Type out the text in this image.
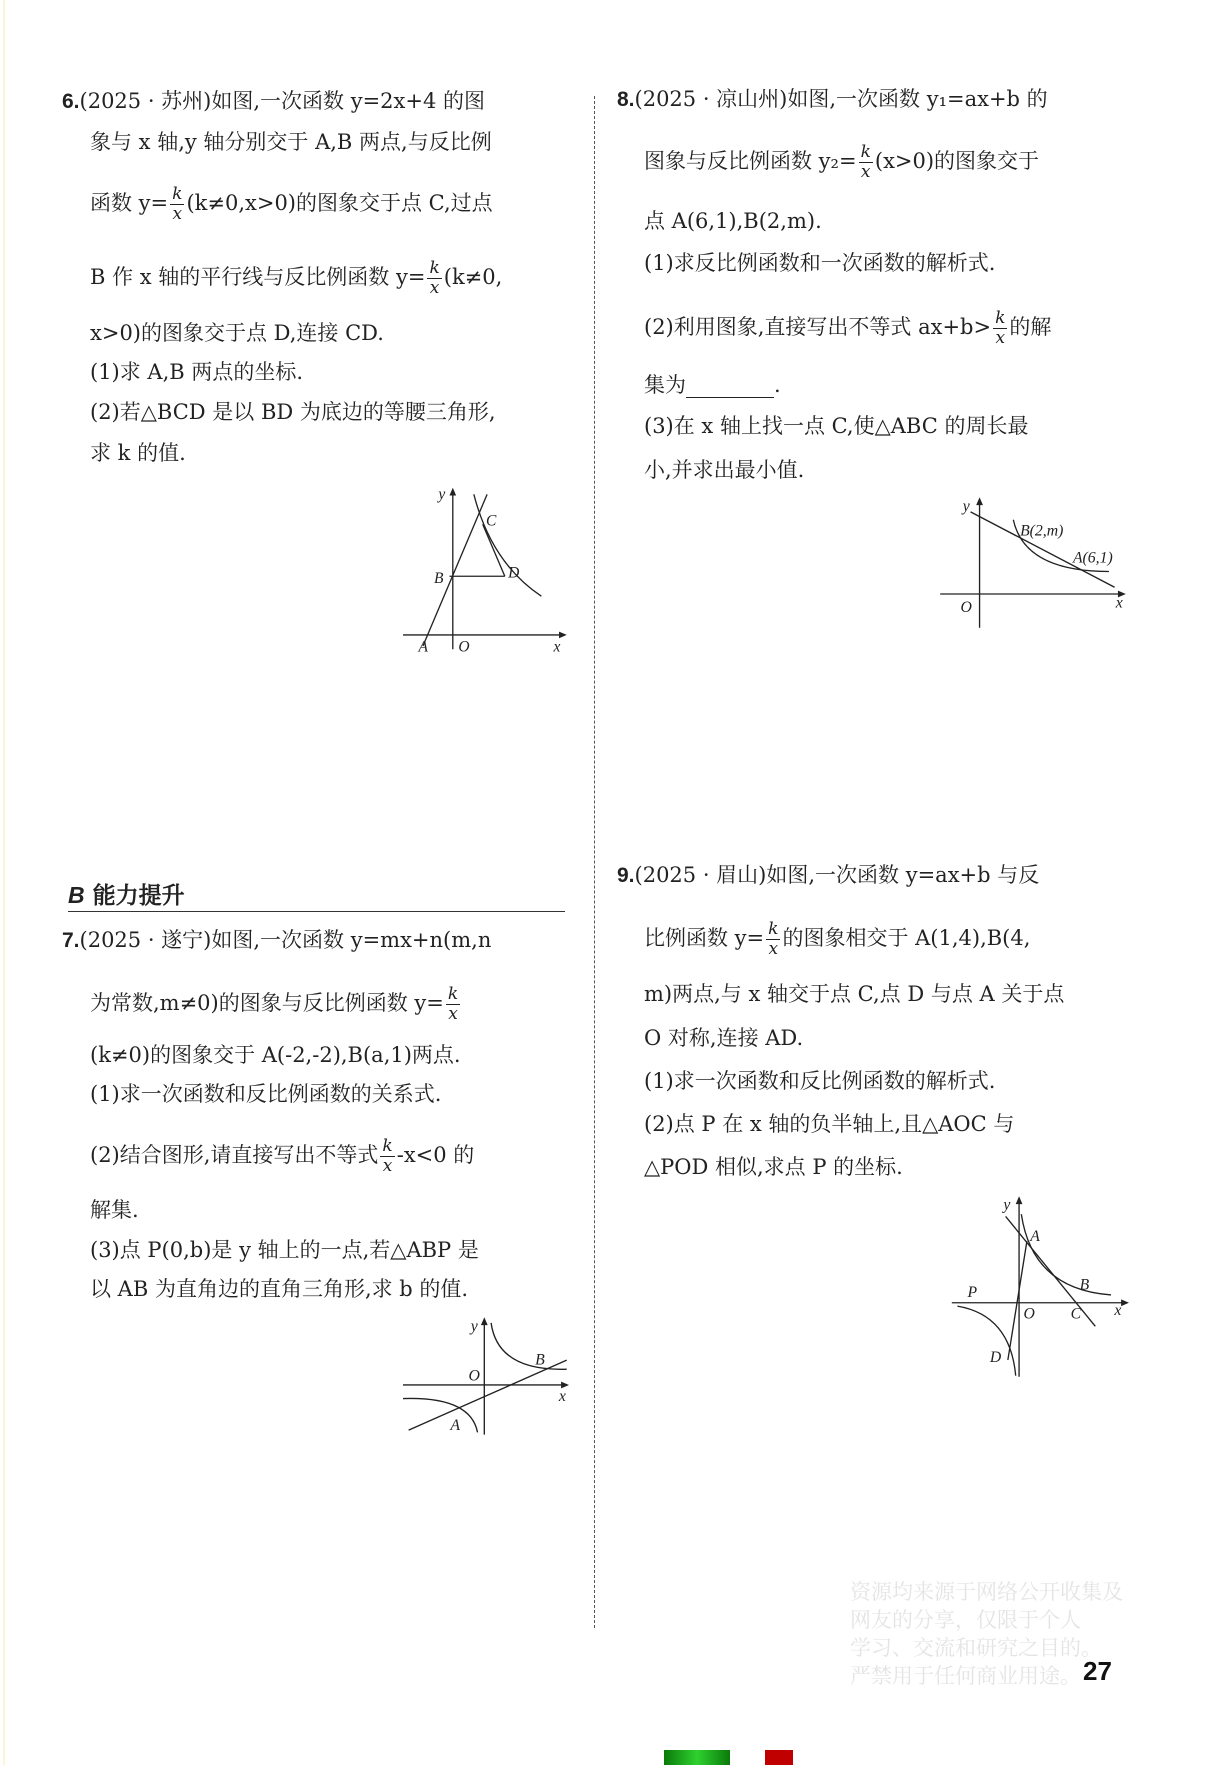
B 能力提升
6.(2025 · 苏州)如图,一次函数 y=2x+4 的图
象与 x 轴,y 轴分别交于 A,B 两点,与反比例
函数 $y= \frac{k}{x} (k\ne 0,x>0)$的图象交于点 C,过点
B 作 x 轴的平行线与反比例函数 $y= \frac{k}{x} (k\ne 0$,
x>0)的图象交于点 D,连接 CD.
(1)求 A,B 两点的坐标.
(2)若△BCD 是以 BD 为底边的等腰三角形,
求 k 的值.
7.(2025 · 遂宁)如图,一次函数 y=mx+n(m,n
为常数,m≠0)的图象与反比例函数 $y= \frac{k}{x}$
(k≠0)的图象交于 A(-2,-2),B(a,1)两点.
(1)求一次函数和反比例函数的关系式.
(2)结合图形,请直接写出不等式 $\frac{k}{x} -x<0$ 的
解集.
(3)点 P(0,b)是 y 轴上的一点,若△ABP 是
以 AB 为直角边的直角三角形,求 b 的值.
8.(2025 · 凉山州)如图,一次函数 y₁=ax+b 的
图象与反比例函数 $y_2= \frac{k}{x} (x>0)$的图象交于
点 A(6,1),B(2,m).
(1)求反比例函数和一次函数的解析式.
(2)利用图象,直接写出不等式 $ax+b> \frac{k}{x}$ 的解
集为	.
(3)在 x 轴上找一点 C,使△ABC 的周长最
小,并求出最小值.
9.(2025 · 眉山)如图,一次函数 y=ax+b 与反
比例函数 $y= \frac{k}{x}$ 的图象相交于 A(1,4),B(4,
m)两点,与 x 轴交于点 C,点 D 与点 A 关于点
O 对称,连接 AD.
(1)求一次函数和反比例函数的解析式.
(2)点 P 在 x 轴的负半轴上,且△AOC 与
△POD 相似,求点 P 的坐标.
y
C
B	D
A O	x
y
O
B
x
A
y
B(2,m)
A(6,1)
O	x
y
A
B
P
O	C x
D
资源均来源于网络公开收集及
网友的分享，仅限于个人
学习、交流和研究之目的。
严禁用于任何商业用途。 27
